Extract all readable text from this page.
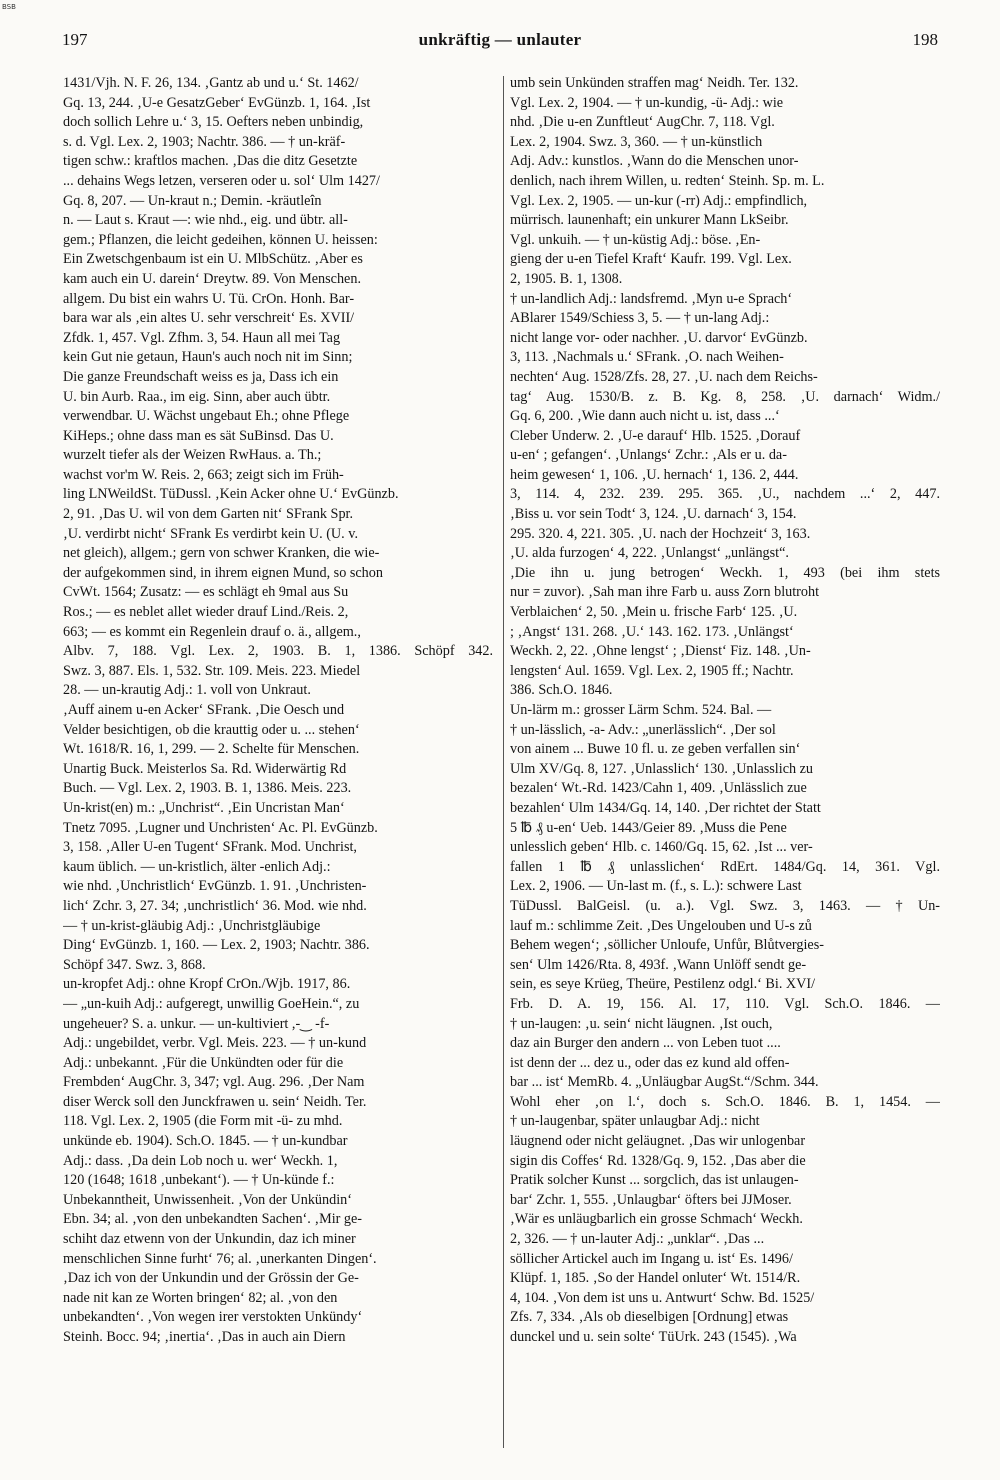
BSB
197	unkräftig — unlauter	198
1431/Vjh. N. F. 26, 134. ‚Gantz ab und u.‘ St. 1462/
Gq. 13, 244. ‚U-e GesatzGeber‘ EvGünzb. 1, 164. ‚Ist
doch sollich Lehre u.‘ 3, 15. Oefters neben unbindig,
s. d. Vgl. Lex. 2, 1903; Nachtr. 386. — † un-kräf-
tigen schw.: kraftlos machen. ‚Das die ditz Gesetzte
... dehains Wegs letzen, verseren oder u. sol‘ Ulm 1427/
Gq. 8, 207. — Un-kraut n.; Demin. -kräutleîn
n. — Laut s. Kraut —: wie nhd., eig. und übtr. all-
gem.; Pflanzen, die leicht gedeihen, können U. heissen:
Ein Zwetschgenbaum ist ein U. MlbSchütz. ‚Aber es
kam auch ein U. darein‘ Dreytw. 89. Von Menschen.
allgem. Du bist ein wahrs U. Tü. CrOn. Honh. Bar-
bara war als ‚ein altes U. sehr verschreit‘ Es. XVII/
Zfdk. 1, 457. Vgl. Zfhm. 3, 54. Haun all mei Tag
kein Gut nie getaun, Haun's auch noch nit im Sinn;
Die ganze Freundschaft weiss es ja, Dass ich ein
U. bin Aurb. Raa., im eig. Sinn, aber auch übtr.
verwendbar. U. Wächst ungebaut Eh.; ohne Pflege
KiHeps.; ohne dass man es sät SuBinsd. Das U.
wurzelt tiefer als der Weizen RwHaus. a. Th.;
wachst vor'm W. Reis. 2, 663; zeigt sich im Früh-
ling LNWeildSt. TüDussl. ‚Kein Acker ohne U.‘ EvGünzb.
2, 91. ‚Das U. wil von dem Garten nit‘ SFrank Spr.
‚U. verdirbt nicht‘ SFrank Es verdirbt kein U. (U. v.
net gleich), allgem.; gern von schwer Kranken, die wie-
der aufgekommen sind, in ihrem eignen Mund, so schon
CvWt. 1564; Zusatz: — es schlägt eh 9mal aus Su
Ros.; — es neblet allet wieder drauf Lind./Reis. 2,
663; — es kommt ein Regenlein drauf o. ä., allgem.,
Albv. 7, 188. Vgl. Lex. 2, 1903. B. 1, 1386. Schöpf 342.
Swz. 3, 887. Els. 1, 532. Str. 109. Meis. 223. Miedel
28. — un-krautig Adj.: 1. voll von Unkraut.
‚Auff ainem u-en Acker‘ SFrank. ‚Die Oesch und
Velder besichtigen, ob die krauttig oder u. ... stehen‘
Wt. 1618/R. 16, 1, 299. — 2. Schelte für Menschen.
Unartig Buck. Meisterlos Sa. Rd. Widerwärtig Rd
Buch. — Vgl. Lex. 2, 1903. B. 1, 1386. Meis. 223.
Un-krist(en) m.: „Unchrist“. ‚Ein Uncristan Man‘
Tnetz 7095. ‚Lugner und Unchristen‘ Ac. Pl. EvGünzb.
3, 158. ‚Aller U-en Tugent‘ SFrank. Mod. Unchrist,
kaum üblich. — un-kristlich, älter -enlich Adj.:
wie nhd. ‚Unchristlich‘ EvGünzb. 1. 91. ‚Unchristen-
lich‘ Zchr. 3, 27. 34; ‚unchristlich‘ 36. Mod. wie nhd.
— † un-krist-gläubig Adj.: ‚Unchristgläubige
Ding‘ EvGünzb. 1, 160. — Lex. 2, 1903; Nachtr. 386.
Schöpf 347. Swz. 3, 868.
un-kropfet Adj.: ohne Kropf CrOn./Wjb. 1917, 86.
— „un-kuih Adj.: aufgeregt, unwillig GoeHein.“, zu
ungeheuer? S. a. unkur. — un-kultiviert ,-‿ -f-
Adj.: ungebildet, verbr. Vgl. Meis. 223. — † un-kund
Adj.: unbekannt. ‚Für die Unkündten oder für die
Frembden‘ AugChr. 3, 347; vgl. Aug. 296. ‚Der Nam
diser Werck soll den Junckfrawen u. sein‘ Neidh. Ter.
118. Vgl. Lex. 2, 1905 (die Form mit -ü- zu mhd.
unkünde eb. 1904). Sch.O. 1845. — † un-kundbar
Adj.: dass. ‚Da dein Lob noch u. wer‘ Weckh. 1,
120 (1648; 1618 ‚unbekant‘). — † Un-künde f.:
Unbekanntheit, Unwissenheit. ‚Von der Unkündin‘
Ebn. 34; al. ‚von den unbekandten Sachen‘. ‚Mir ge-
schiht daz etwenn von der Unkundin, daz ich miner
menschlichen Sinne furht‘ 76; al. ‚unerkanten Dingen‘.
‚Daz ich von der Unkundin und der Grössin der Ge-
nade nit kan ze Worten bringen‘ 82; al. ‚von den
unbekandten‘. ‚Von wegen irer verstokten Unkündy‘
Steinh. Bocc. 94; ‚inertia‘. ‚Das in auch ain Diern
umb sein Unkünden straffen mag‘ Neidh. Ter. 132.
Vgl. Lex. 2, 1904. — † un-kundig, -ü- Adj.: wie
nhd. ‚Die u-en Zunftleut‘ AugChr. 7, 118. Vgl.
Lex. 2, 1904. Swz. 3, 360. — † un-künstlich
Adj. Adv.: kunstlos. ‚Wann do die Menschen unor-
denlich, nach ihrem Willen, u. redten‘ Steinh. Sp. m. L.
Vgl. Lex. 2, 1905. — un-kur (-rr) Adj.: empfindlich,
mürrisch. launenhaft; ein unkurer Mann LkSeibr.
Vgl. unkuih. — † un-küstig Adj.: böse. ‚En-
gieng der u-en Tiefel Kraft‘ Kaufr. 199. Vgl. Lex.
2, 1905. B. 1, 1308.
† un-landlich Adj.: landsfremd. ‚Myn u-e Sprach‘
ABlarer 1549/Schiess 3, 5. — † un-lang Adj.:
nicht lange vor- oder nachher. ‚U. darvor‘ EvGünzb.
3, 113. ‚Nachmals u.‘ SFrank. ‚O. nach Weihen-
nechten‘ Aug. 1528/Zfs. 28, 27. ‚U. nach dem Reichs-
tag‘ Aug. 1530/B. z. B. Kg. 8, 258. ‚U. darnach‘ Widm./
Gq. 6, 200. ‚Wie dann auch nicht u. ist, dass ...‘
Cleber Underw. 2. ‚U-e darauf‘ Hlb. 1525. ‚Dorauf
u-en‘ ; gefangen‘. ‚Unlangs‘ Zchr.: ‚Als er u. da-
heim gewesen‘ 1, 106. ‚U. hernach‘ 1, 136. 2, 444.
3, 114. 4, 232. 239. 295. 365. ‚U., nachdem ...‘ 2, 447.
‚Biss u. vor sein Todt‘ 3, 124. ‚U. darnach‘ 3, 154.
295. 320. 4, 221. 305. ‚U. nach der Hochzeit‘ 3, 163.
‚U. alda furzogen‘ 4, 222. ‚Unlangst‘ „unlängst“.
‚Die ihn u. jung betrogen‘ Weckh. 1, 493 (bei ihm stets
nur = zuvor). ‚Sah man ihre Farb u. auss Zorn blutroht
Verblaichen‘ 2, 50. ‚Mein u. frische Farb‘ 125. ‚U.
; ‚Angst‘ 131. 268. ‚U.‘ 143. 162. 173. ‚Unlängst‘
Weckh. 2, 22. ‚Ohne lengst‘ ; ‚Dienst‘ Fiz. 148. ‚Un-
lengsten‘ Aul. 1659. Vgl. Lex. 2, 1905 ff.; Nachtr.
386. Sch.O. 1846.
Un-lärm m.: grosser Lärm Schm. 524. Bal. —
† un-lässlich, -a- Adv.: „unerlässlich“. ‚Der sol
von ainem ... Buwe 10 fl. u. ze geben verfallen sin‘
Ulm XV/Gq. 8, 127. ‚Unlasslich‘ 130. ‚Unlasslich zu
bezalen‘ Wt.-Rd. 1423/Cahn 1, 409. ‚Unlässlich zue
bezahlen‘ Ulm 1434/Gq. 14, 140. ‚Der richtet der Statt
5 ℔ ₰ u-en‘ Ueb. 1443/Geier 89. ‚Muss die Pene
unlesslich geben‘ Hlb. c. 1460/Gq. 15, 62. ‚Ist ... ver-
fallen 1 ℔ ₰ unlasslichen‘ RdErt. 1484/Gq. 14, 361. Vgl.
Lex. 2, 1906. — Un-last m. (f., s. L.): schwere Last
TüDussl. BalGeisl. (u. a.). Vgl. Swz. 3, 1463. — † Un-
lauf m.: schlimme Zeit. ‚Des Ungelouben und U-s zů
Behem wegen‘; ‚söllicher Unloufe, Unfůr, Blůtvergies-
sen‘ Ulm 1426/Rta. 8, 493f. ‚Wann Unlöff sendt ge-
sein, es seye Krüeg, Theüre, Pestilenz odgl.‘ Bi. XVI/
Frb. D. A. 19, 156. Al. 17, 110. Vgl. Sch.O. 1846. —
† un-laugen: ‚u. sein‘ nicht läugnen. ‚Ist ouch,
daz ain Burger den andern ... von Leben tuot ....
ist denn der ... dez u., oder das ez kund ald offen-
bar ... ist‘ MemRb. 4. „Unläugbar AugSt.“/Schm. 344.
Wohl eher ‚on l.‘, doch s. Sch.O. 1846. B. 1, 1454. —
† un-laugenbar, später unlaugbar Adj.: nicht
läugnend oder nicht geläugnet. ‚Das wir unlogenbar
sigin dis Coffes‘ Rd. 1328/Gq. 9, 152. ‚Das aber die
Pratik solcher Kunst ... sorgclich, das ist unlaugen-
bar‘ Zchr. 1, 555. ‚Unlaugbar‘ öfters bei JJMoser.
‚Wär es unläugbarlich ein grosse Schmach‘ Weckh.
2, 326. — † un-lauter Adj.: „unklar“. ‚Das ...
söllicher Artickel auch im Ingang u. ist‘ Es. 1496/
Klüpf. 1, 185. ‚So der Handel onluter‘ Wt. 1514/R.
4, 104. ‚Von dem ist uns u. Antwurt‘ Schw. Bd. 1525/
Zfs. 7, 334. ‚Als ob dieselbigen [Ordnung] etwas
dunckel und u. sein solte‘ TüUrk. 243 (1545). ‚Wa
